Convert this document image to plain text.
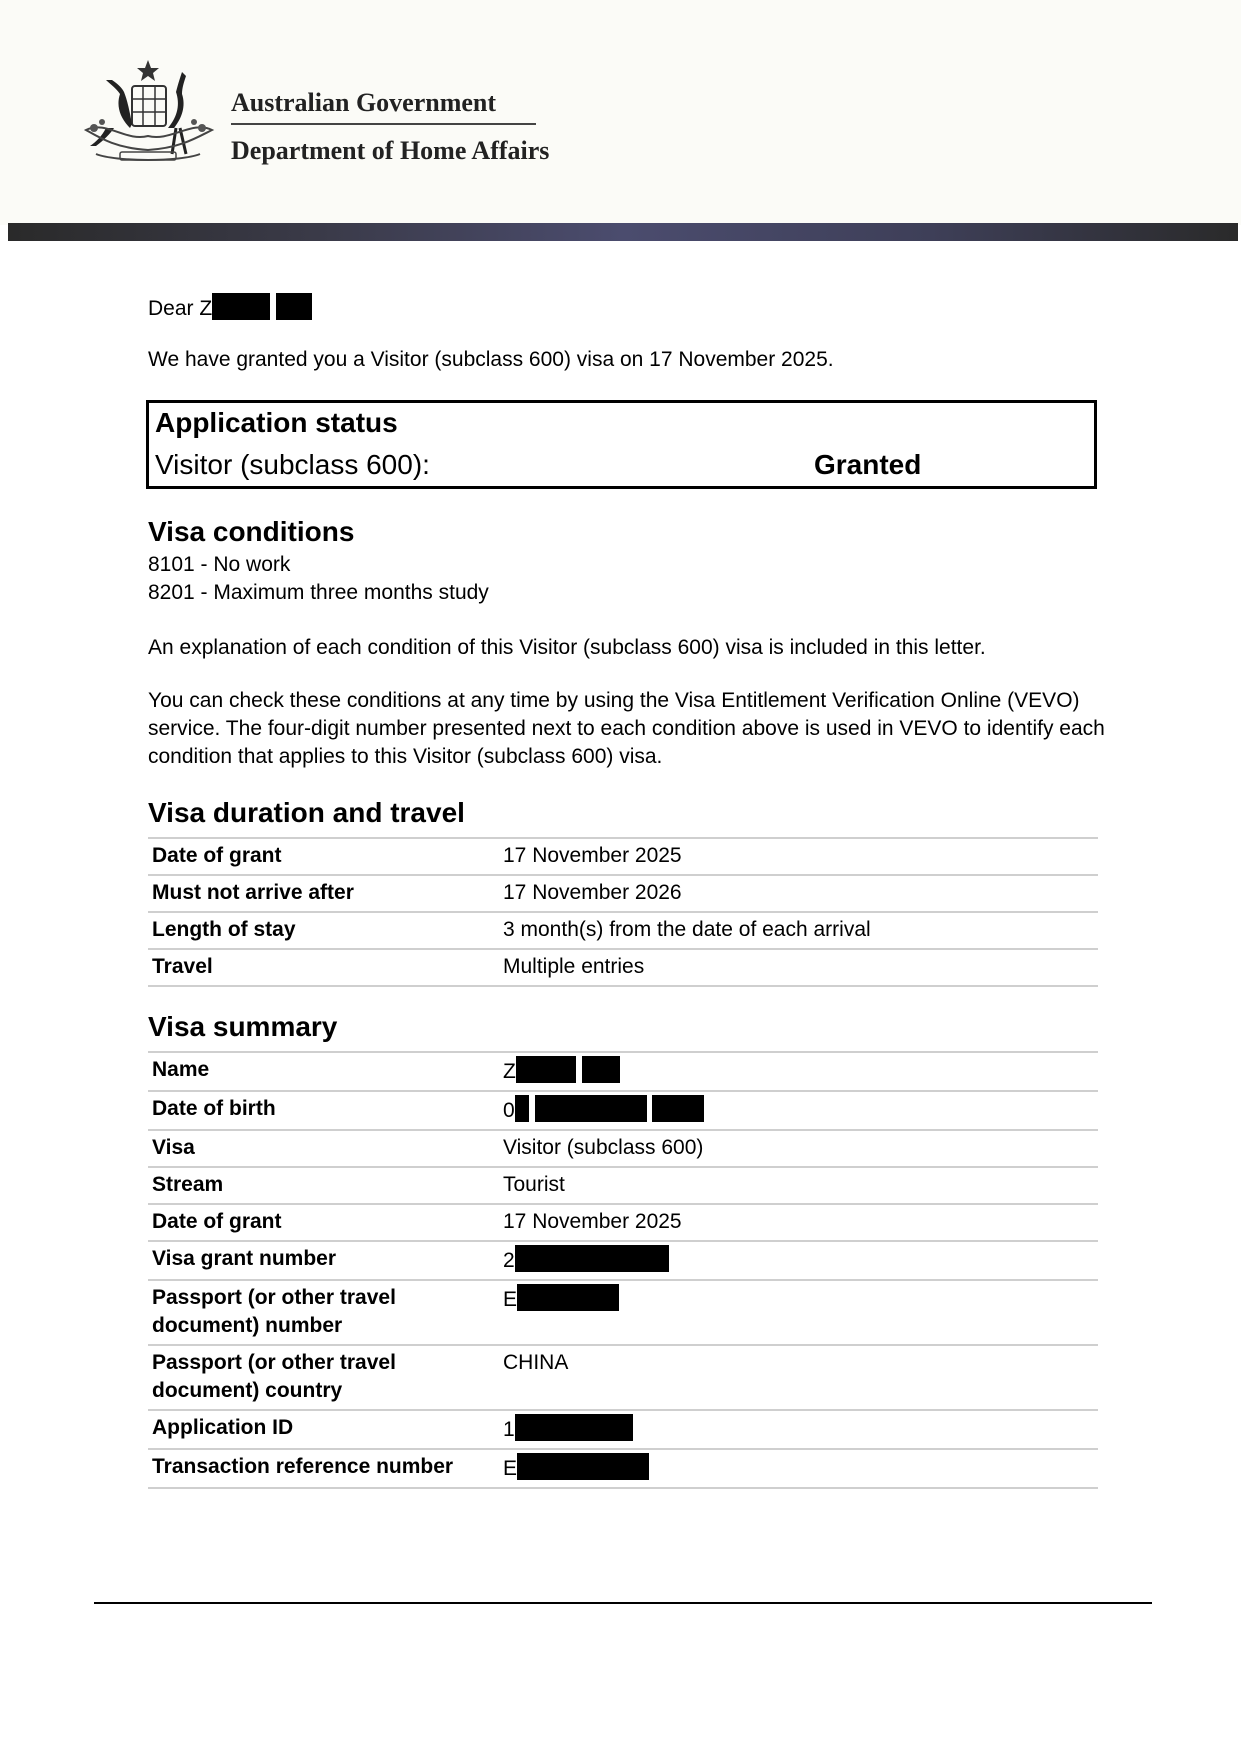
Australian Government
Department of Home Affairs
Dear Z
We have granted you a Visitor (subclass 600) visa on 17 November 2025.
Application status
Visitor (subclass 600):	Granted
Visa conditions
8101 - No work
8201 - Maximum three months study
An explanation of each condition of this Visitor (subclass 600) visa is included in this letter.
You can check these conditions at any time by using the Visa Entitlement Verification Online (VEVO) service. The four-digit number presented next to each condition above is used in VEVO to identify each condition that applies to this Visitor (subclass 600) visa.
Visa duration and travel
Date of grant	17 November 2025
Must not arrive after	17 November 2026
Length of stay	3 month(s) from the date of each arrival
Travel	Multiple entries
Visa summary
Name	Z
Date of birth	0
Visa	Visitor (subclass 600)
Stream	Tourist
Date of grant	17 November 2025
Visa grant number	2
Passport (or other travel document) number	E
Passport (or other travel document) country	CHINA
Application ID	1
Transaction reference number	E
